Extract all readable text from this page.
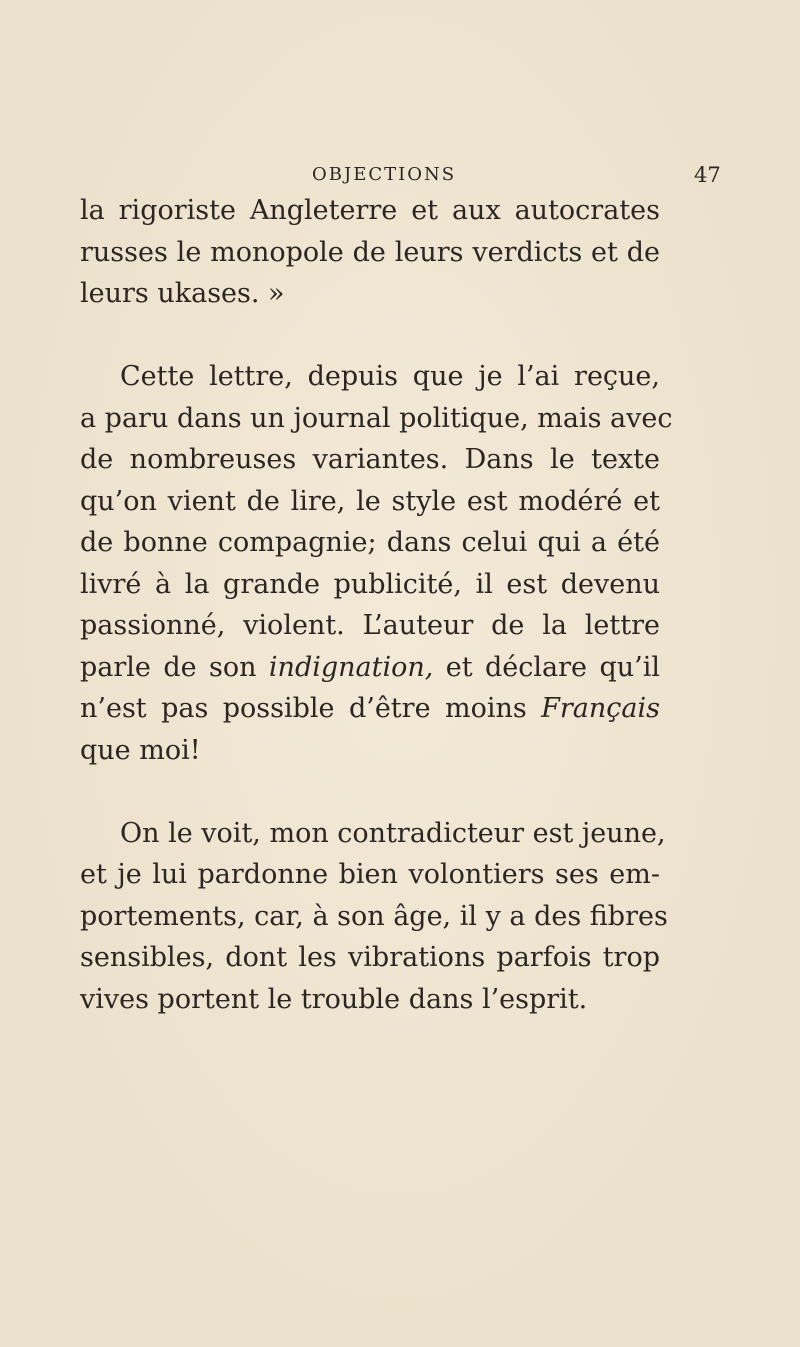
OBJECTIONS	47
la rigoriste Angleterre et aux autocrates
russes le monopole de leurs verdicts et de
leurs ukases. »
Cette lettre, depuis que je l’ai reçue,
a paru dans un journal politique, mais avec
de nombreuses variantes. Dans le texte
qu’on vient de lire, le style est modéré et
de bonne compagnie; dans celui qui a été
livré à la grande publicité, il est devenu
passionné, violent. L’auteur de la lettre
parle de son indignation, et déclare qu’il
n’est pas possible d’être moins Français
que moi!
On le voit, mon contradicteur est jeune,
et je lui pardonne bien volontiers ses em-
portements, car, à son âge, il y a des fibres
sensibles, dont les vibrations parfois trop
vives portent le trouble dans l’esprit.
